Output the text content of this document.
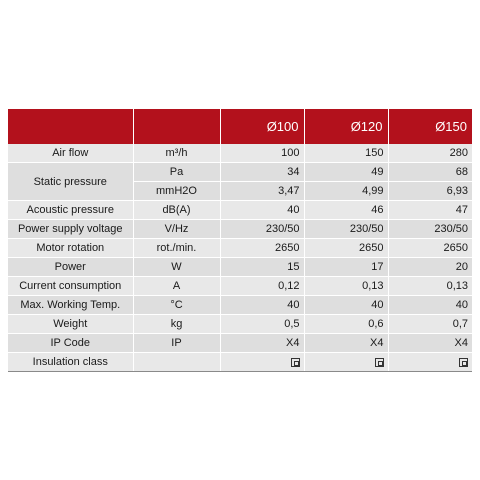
		Ø100	Ø120	Ø150
Air flow	m³/h	100	150	280
Static pressure	Pa	34	49	68
	mmH2O	3,47	4,99	6,93
Acoustic pressure	dB(A)	40	46	47
Power supply voltage	V/Hz	230/50	230/50	230/50
Motor rotation	rot./min.	2650	2650	2650
Power	W	15	17	20
Current consumption	A	0,12	0,13	0,13
Max. Working Temp.	°C	40	40	40
Weight	kg	0,5	0,6	0,7
IP Code	IP	X4	X4	X4
Insulation class				
